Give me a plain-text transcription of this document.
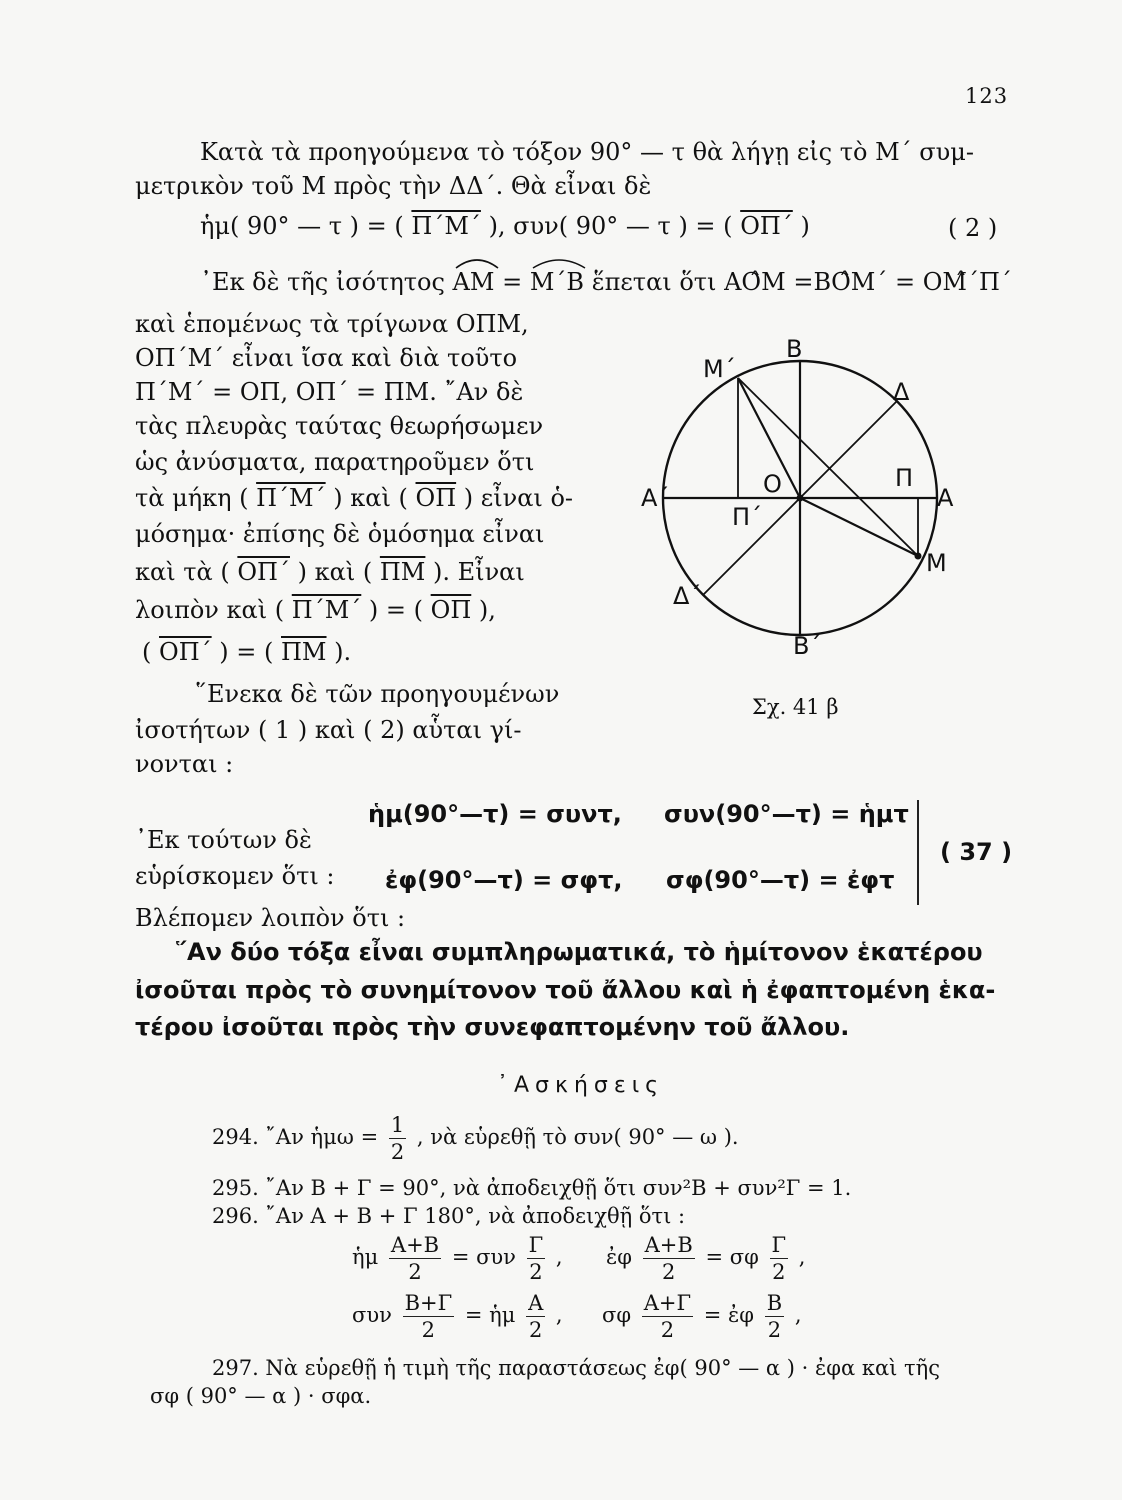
123
Κατὰ τὰ προηγούμενα τὸ τόξον 90° — τ θὰ λήγῃ εἰς τὸ Μ΄ συμ-
μετρικὸν τοῦ Μ πρὸς τὴν ΔΔ΄. Θὰ εἶναι δὲ
ἡμ( 90° — τ ) = ( Π΄Μ΄ ), συν( 90° — τ ) = ( $\overline{O\Pi΄}$ )	( 2 )
᾽Εκ δὲ τῆς ἰσότητος ΑΜ = Μ΄Β ἕπεται ὅτι ΑΟ̂Μ =ΒΟ̂Μ΄ = ΟΜ̂΄Π΄
καὶ ἑπομένως τὰ τρίγωνα ΟΠΜ,
ΟΠ΄Μ΄ εἶναι ἴσα καὶ διὰ τοῦτο
Π΄Μ΄ = ΟΠ, ΟΠ΄ = ΠΜ. ῎Αν δὲ
τὰς πλευρὰς ταύτας θεωρήσωμεν
ὡς ἀνύσματα, παρατηροῦμεν ὅτι
τὰ μήκη ( Π΄Μ΄ ) καὶ ( $\overline{O\Pi}$ ) εἶναι ὁ-
μόσημα· ἐπίσης δὲ ὁμόσημα εἶναι
καὶ τὰ ( $\overline{O\Pi΄}$ ) καὶ ( $\overline{\Pi M}$ ). Εἶναι
λοιπὸν καὶ ( Π΄Μ΄ ) = ( $\overline{O\Pi}$ ),
( $\overline{O\Pi΄}$ ) = ( $\overline{\Pi M}$ ).
῞Ενεκα δὲ τῶν προηγουμένων
ἰσοτήτων ( 1 ) καὶ ( 2) αὗται γί-
νονται :
Β
Μ΄
Δ
Ο	Π
Α΄	Α
Π΄
Μ
Δ΄
Β΄
Σχ. 41 β
ἡμ(90°—τ) = συντ, συν(90°—τ) = ἡμτ
᾽Εκ τούτων δὲ
εὑρίσκομεν ὅτι : ἐφ(90°—τ) = σφτ, σφ(90°—τ) = ἐφτ
( 37 )
Βλέπομεν λοιπὸν ὅτι :
῞Αν δύο τόξα εἶναι συμπληρωματικά, τὸ ἡμίτονον ἑκατέρου
ἰσοῦται πρὸς τὸ συνημίτονον τοῦ ἄλλου καὶ ἡ ἐφαπτομένη ἑκα-
τέρου ἰσοῦται πρὸς τὴν συνεφαπτομένην τοῦ ἄλλου.
᾽Ασκήσεις
294. ῎Αν ἡμω = $\frac{1}{2}$ , νὰ εὑρεθῇ τὸ συν( 90° — ω ).
295. ῎Αν Β + Γ = 90°, νὰ ἀποδειχθῇ ὅτι συν²Β + συν²Γ = 1.
296. ῎Αν Α + Β + Γ 180°, νὰ ἀποδειχθῇ ὅτι :
ἡμ $\frac{A+B}{2} = \sigma\upsilon\nu \frac{\Gamma}{2}$ , ἐφ $\frac{A+B}{2} = \sigma\varphi \frac{\Gamma}{2}$ ,
συν $\frac{B+\Gamma}{2}$ = ἡμ $\frac{A}{2}$ , σφ $\frac{A+\Gamma}{2}$ = ἐφ $\frac{B}{2}$ ,
297. Νὰ εὑρεθῇ ἡ τιμὴ τῆς παραστάσεως ἐφ( 90° — α ) · ἐφα καὶ τῆς
σφ ( 90° — α ) · σφα.
